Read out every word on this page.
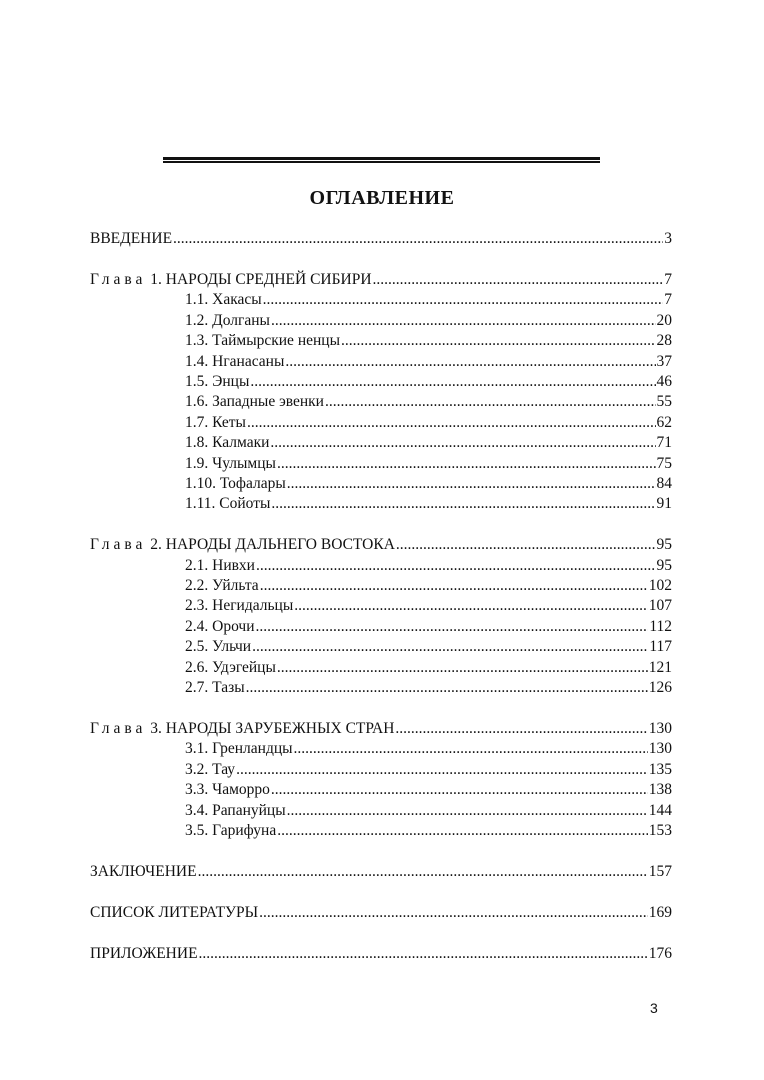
ОГЛАВЛЕНИЕ
ВВЕДЕНИЕ .....	3
Глава 1. НАРОДЫ СРЕДНЕЙ СИБИРИ .....	7
1.1. Хакасы .....	7
1.2. Долганы .....	20
1.3. Таймырские ненцы .....	28
1.4. Нганасаны .....	37
1.5. Энцы .....	46
1.6. Западные эвенки .....	55
1.7. Кеты .....	62
1.8. Калмаки .....	71
1.9. Чулымцы .....	75
1.10. Тофалары .....	84
1.11. Сойоты .....	91
Глава 2. НАРОДЫ ДАЛЬНЕГО ВОСТОКА .....	95
2.1. Нивхи .....	95
2.2. Уйльта .....	102
2.3. Негидальцы .....	107
2.4. Орочи .....	112
2.5. Ульчи .....	117
2.6. Удэгейцы .....	121
2.7. Тазы .....	126
Глава 3. НАРОДЫ ЗАРУБЕЖНЫХ СТРАН .....	130
3.1. Гренландцы .....	130
3.2. Тау .....	135
3.3. Чаморро .....	138
3.4. Рапануйцы .....	144
3.5. Гарифуна .....	153
ЗАКЛЮЧЕНИЕ .....	157
СПИСОК ЛИТЕРАТУРЫ .....	169
ПРИЛОЖЕНИЕ .....	176
3
